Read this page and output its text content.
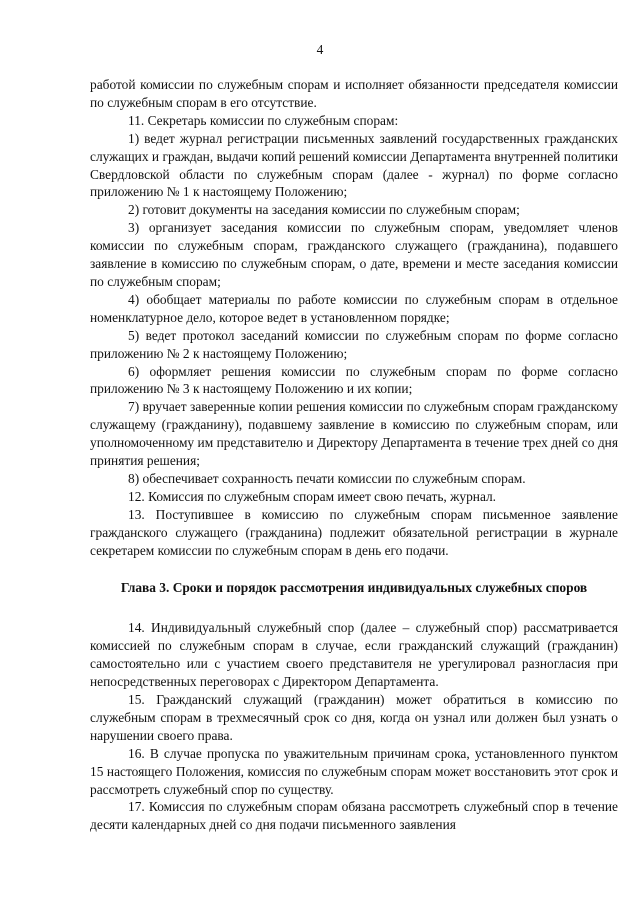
4

работой комиссии по служебным спорам и исполняет обязанности председателя комиссии по служебным спорам в его отсутствие.

11. Секретарь комиссии по служебным спорам:

1) ведет журнал регистрации письменных заявлений государственных гражданских служащих и граждан, выдачи копий решений комиссии Департамента внутренней политики Свердловской области по служебным спорам (далее - журнал) по форме согласно приложению № 1 к настоящему Положению;

2) готовит документы на заседания комиссии по служебным спорам;

3) организует заседания комиссии по служебным спорам, уведомляет членов комиссии по служебным спорам, гражданского служащего (гражданина), подавшего заявление в комиссию по служебным спорам, о дате, времени и месте заседания комиссии по служебным спорам;

4) обобщает материалы по работе комиссии по служебным спорам в отдельное номенклатурное дело, которое ведет в установленном порядке;

5) ведет протокол заседаний комиссии по служебным спорам по форме согласно приложению № 2 к настоящему Положению;

6) оформляет решения комиссии по служебным спорам по форме согласно приложению № 3 к настоящему Положению и их копии;

7) вручает заверенные копии решения комиссии по служебным спорам гражданскому служащему (гражданину), подавшему заявление в комиссию по служебным спорам, или уполномоченному им представителю и Директору Департамента в течение трех дней со дня принятия решения;

8) обеспечивает сохранность печати комиссии по служебным спорам.

12. Комиссия по служебным спорам имеет свою печать, журнал.

13. Поступившее в комиссию по служебным спорам письменное заявление гражданского служащего (гражданина) подлежит обязательной регистрации в журнале секретарем комиссии по служебным спорам в день его подачи.

Глава 3. Сроки и порядок рассмотрения индивидуальных служебных споров

14. Индивидуальный служебный спор (далее – служебный спор) рассматривается комиссией по служебным спорам в случае, если гражданский служащий (гражданин) самостоятельно или с участием своего представителя не урегулировал разногласия при непосредственных переговорах с Директором Департамента.

15. Гражданский служащий (гражданин) может обратиться в комиссию по служебным спорам в трехмесячный срок со дня, когда он узнал или должен был узнать о нарушении своего права.

16. В случае пропуска по уважительным причинам срока, установленного пунктом 15 настоящего Положения, комиссия по служебным спорам может восстановить этот срок и рассмотреть служебный спор по существу.

17. Комиссия по служебным спорам обязана рассмотреть служебный спор в течение десяти календарных дней со дня подачи письменного заявления
